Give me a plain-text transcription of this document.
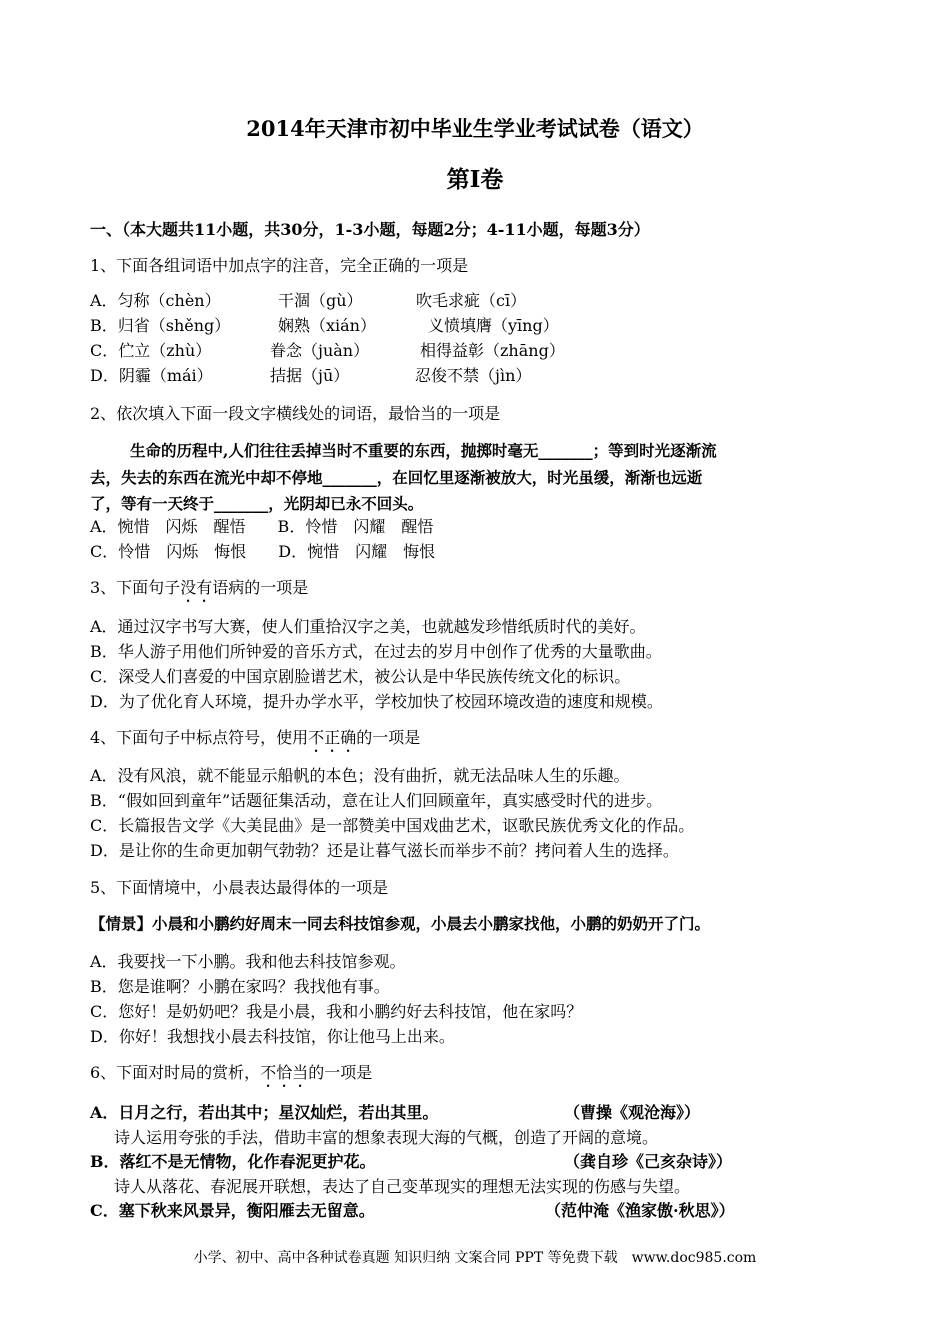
2014年天津市初中毕业生学业考试试卷（语文）
第Ⅰ卷
一、（本大题共11小题，共30分，1-3小题，每题2分；4-11小题，每题3分）
1、下面各组词语中加点字的注音，完全正确的一项是
A．匀称（chèn）	干涸（gù）	吹毛求疵（cī）
B．归省（shěng）	娴熟（xián）	义愤填膺（yīng）
C．伫立（zhù）	眷念（juàn）	相得益彰（zhāng）
D．阴霾（mái）	拮据（jū）	忍俊不禁（jìn）
2、依次填入下面一段文字横线处的词语，最恰当的一项是
生命的历程中,人们往往丢掉当时不重要的东西，抛掷时毫无_______；等到时光逐渐流
去，失去的东西在流光中却不停地_______，在回忆里逐渐被放大，时光虽缓，渐渐也远逝
了，等有一天终于_______，光阴却已永不回头。
A．惋惜　闪烁　醒悟　　B．怜惜　闪耀　醒悟
C．怜惜　闪烁　悔恨　　D．惋惜　闪耀　悔恨
3、下面句子没有语病的一项是
A．通过汉字书写大赛，使人们重拾汉字之美，也就越发珍惜纸质时代的美好。
B．华人游子用他们所钟爱的音乐方式，在过去的岁月中创作了优秀的大量歌曲。
C．深受人们喜爱的中国京剧脸谱艺术，被公认是中华民族传统文化的标识。
D．为了优化育人环境，提升办学水平，学校加快了校园环境改造的速度和规模。
4、下面句子中标点符号，使用不正确的一项是
A．没有风浪，就不能显示船帆的本色；没有曲折，就无法品味人生的乐趣。
B．“假如回到童年”话题征集活动，意在让人们回顾童年，真实感受时代的进步。
C．长篇报告文学《大美昆曲》是一部赞美中国戏曲艺术，讴歌民族优秀文化的作品。
D．是让你的生命更加朝气勃勃？还是让暮气滋长而举步不前？拷问着人生的选择。
5、下面情境中，小晨表达最得体的一项是
【情景】小晨和小鹏约好周末一同去科技馆参观，小晨去小鹏家找他，小鹏的奶奶开了门。
A．我要找一下小鹏。我和他去科技馆参观。
B．您是谁啊？小鹏在家吗？我找他有事。
C．您好！是奶奶吧？我是小晨，我和小鹏约好去科技馆，他在家吗？
D．你好！我想找小晨去科技馆，你让他马上出来。
6、下面对时局的赏析，不恰当的一项是
A．日月之行，若出其中；星汉灿烂，若出其里。	（曹操《观沧海》）
诗人运用夸张的手法，借助丰富的想象表现大海的气概，创造了开阔的意境。
B．落红不是无情物，化作春泥更护花。	（龚自珍《己亥杂诗》）
诗人从落花、春泥展开联想，表达了自己变革现实的理想无法实现的伤感与失望。
C．塞下秋来风景异，衡阳雁去无留意。	（范仲淹《渔家傲·秋思》）
小学、初中、高中各种试卷真题 知识归纳 文案合同 PPT 等免费下载　www.doc985.com
